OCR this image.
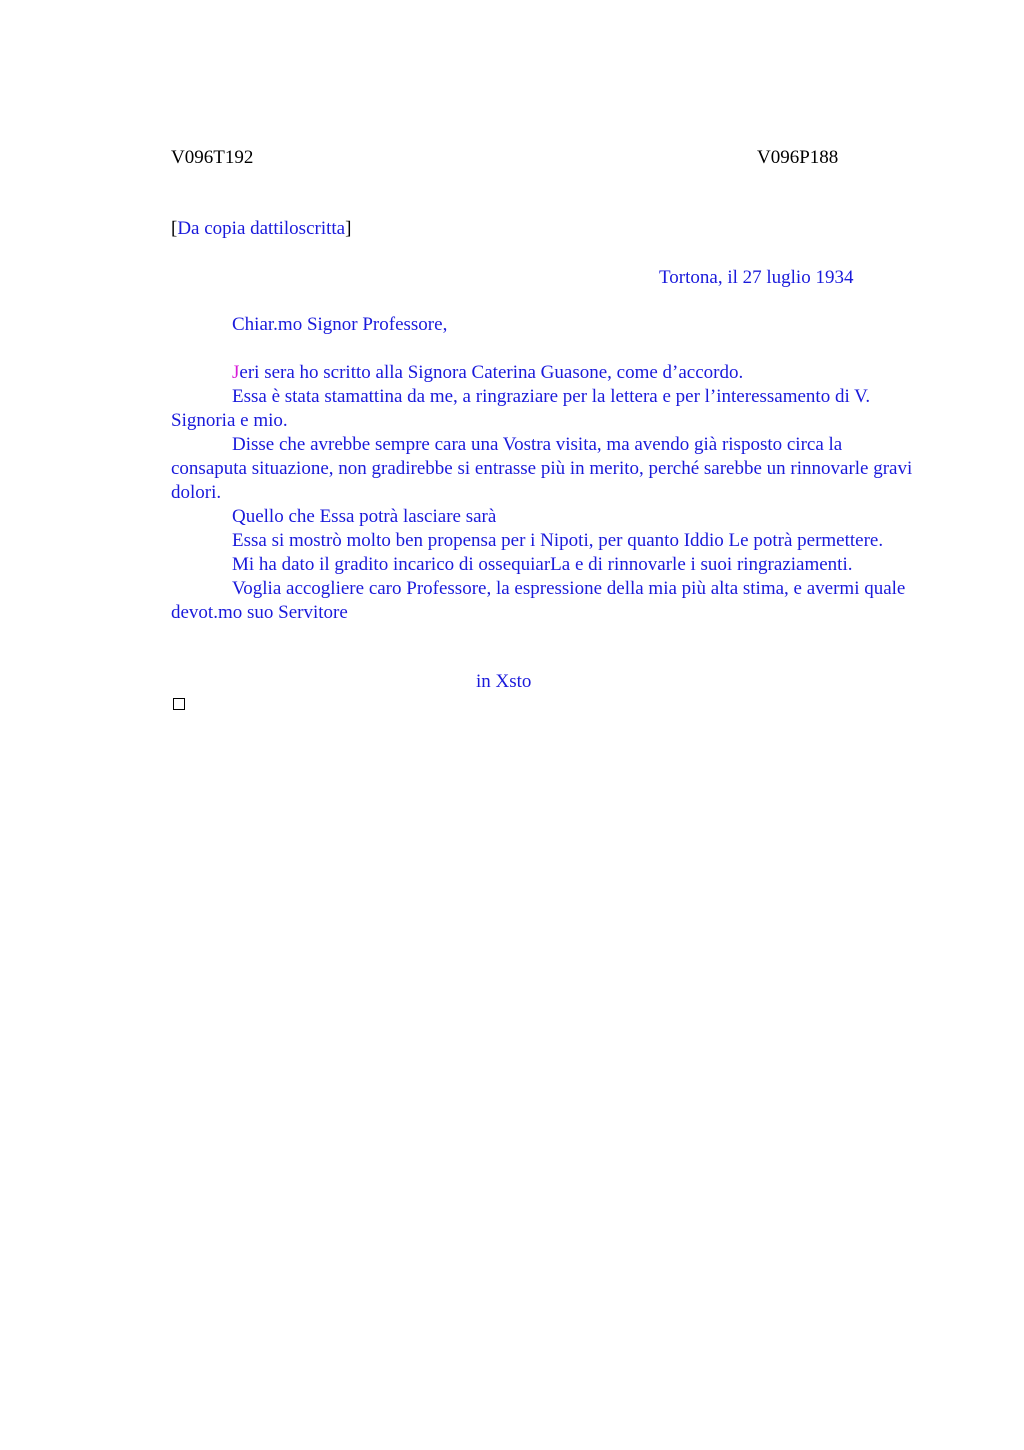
V096T192	V096P188
[Da copia dattiloscritta]
Tortona, il 27 luglio 1934
Chiar.mo Signor Professore,

Jeri sera ho scritto alla Signora Caterina Guasone, come d’accordo.

Essa è stata stamattina da me, a ringraziare per la lettera e per l’interessamento di V. Signoria e mio.

Disse che avrebbe sempre cara una Vostra visita, ma avendo già risposto circa la consaputa situazione, non gradirebbe si entrasse più in merito, perché sarebbe un rinnovarle gravi dolori.

Quello che Essa potrà lasciare sarà

Essa si mostrò molto ben propensa per i Nipoti, per quanto Iddio Le potrà permettere.

Mi ha dato il gradito incarico di ossequiarLa e di rinnovarle i suoi ringraziamenti.

Voglia accogliere caro Professore, la espressione della mia più alta stima, e avermi quale devot.mo suo Servitore

in Xsto
